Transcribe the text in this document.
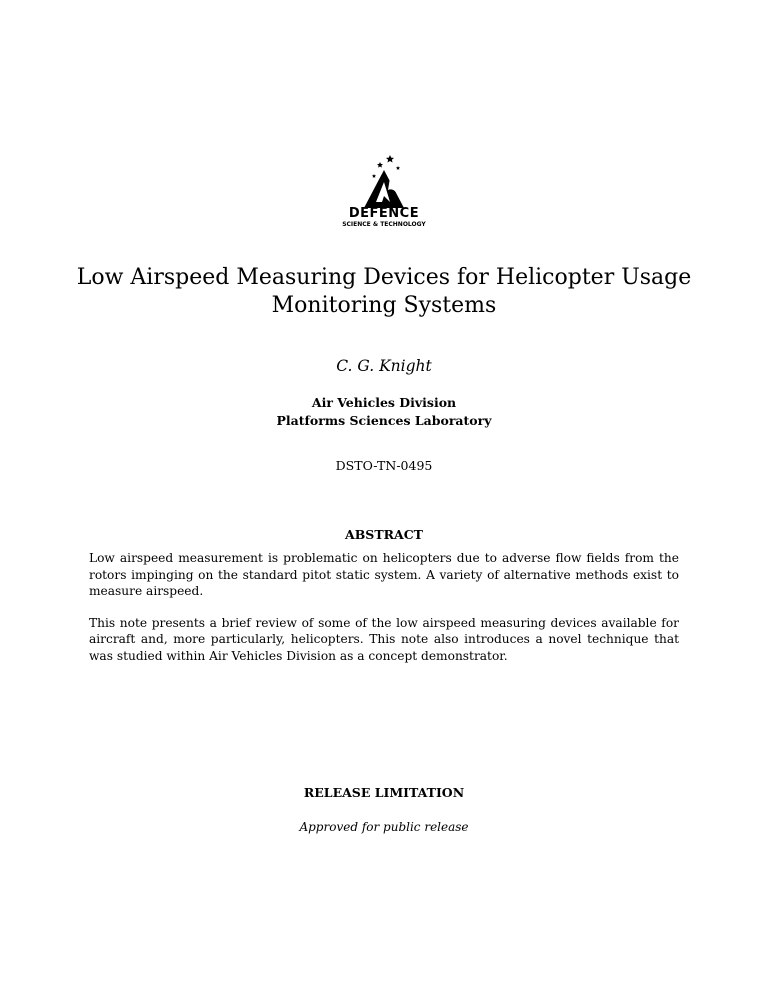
DEFENCE
SCIENCE & TECHNOLOGY
Low Airspeed Measuring Devices for Helicopter Usage Monitoring Systems
C. G. Knight
Air Vehicles Division
Platforms Sciences Laboratory
DSTO-TN-0495
ABSTRACT

Low airspeed measurement is problematic on helicopters due to adverse flow fields from the rotors impinging on the standard pitot static system. A variety of alternative methods exist to measure airspeed.

This note presents a brief review of some of the low airspeed measuring devices available for aircraft and, more particularly, helicopters. This note also introduces a novel technique that was studied within Air Vehicles Division as a concept demonstrator.

RELEASE LIMITATION
Approved for public release
